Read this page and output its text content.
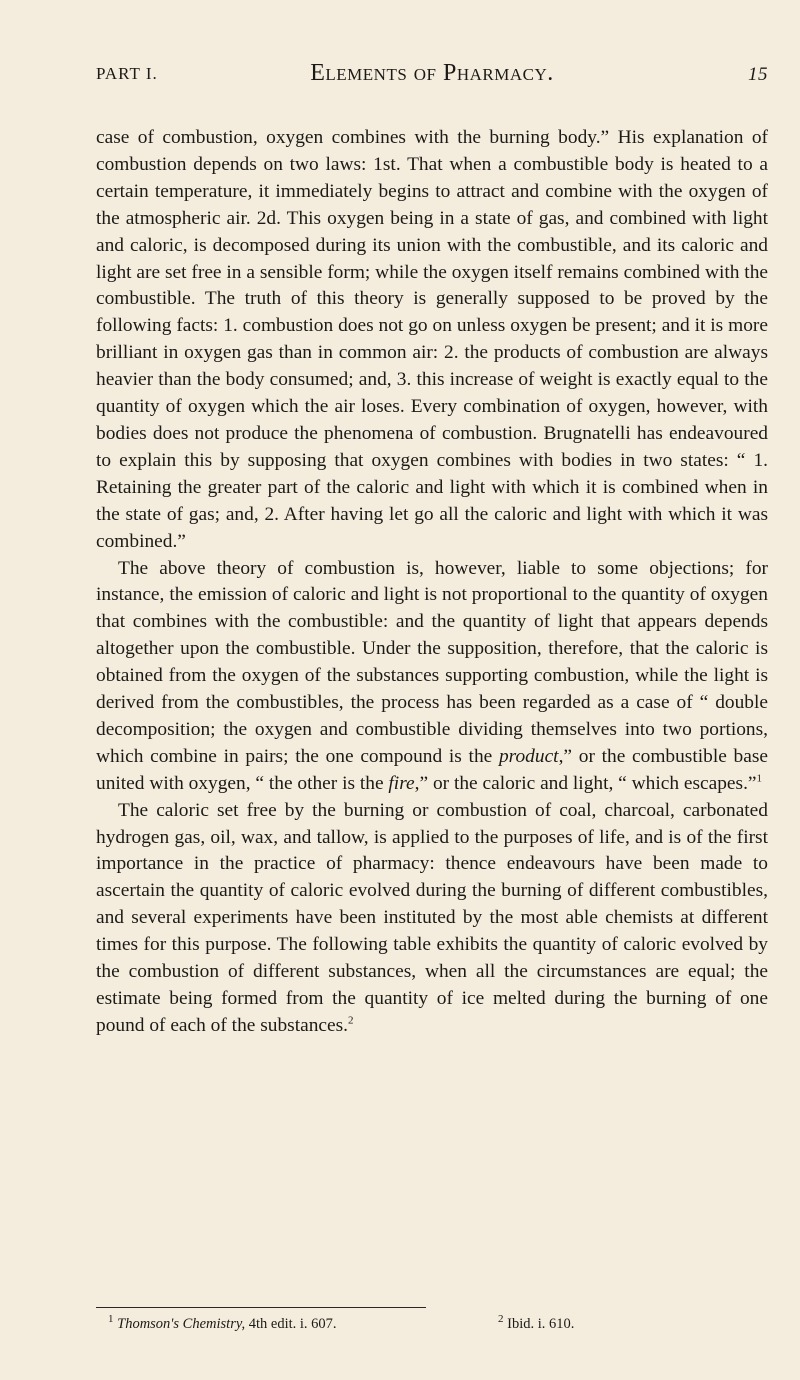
PART I.	Elements of Pharmacy.	15

case of combustion, oxygen combines with the burning body.” His explanation of combustion depends on two laws: 1st. That when a combustible body is heated to a certain temperature, it immediately begins to attract and combine with the oxygen of the atmospheric air. 2d. This oxygen being in a state of gas, and combined with light and caloric, is decomposed during its union with the combustible, and its caloric and light are set free in a sensible form; while the oxygen itself remains combined with the combustible. The truth of this theory is generally supposed to be proved by the following facts: 1. combustion does not go on unless oxygen be present; and it is more brilliant in oxygen gas than in common air: 2. the products of combustion are always heavier than the body consumed; and, 3. this increase of weight is exactly equal to the quantity of oxygen which the air loses. Every combination of oxygen, however, with bodies does not produce the phenomena of combustion. Brugnatelli has endeavoured to explain this by supposing that oxygen combines with bodies in two states: “ 1. Retaining the greater part of the caloric and light with which it is combined when in the state of gas; and, 2. After having let go all the caloric and light with which it was combined.”

The above theory of combustion is, however, liable to some objections; for instance, the emission of caloric and light is not proportional to the quantity of oxygen that combines with the combustible: and the quantity of light that appears depends altogether upon the combustible. Under the supposition, therefore, that the caloric is obtained from the oxygen of the substances supporting combustion, while the light is derived from the combustibles, the process has been regarded as a case of “ double decomposition; the oxygen and combustible dividing themselves into two portions, which combine in pairs; the one compound is the product,” or the combustible base united with oxygen, “ the other is the fire,” or the caloric and light, “ which escapes.”$^1$

The caloric set free by the burning or combustion of coal, charcoal, carbonated hydrogen gas, oil, wax, and tallow, is applied to the purposes of life, and is of the first importance in the practice of pharmacy: thence endeavours have been made to ascertain the quantity of caloric evolved during the burning of different combustibles, and several experiments have been instituted by the most able chemists at different times for this purpose. The following table exhibits the quantity of caloric evolved by the combustion of different substances, when all the circumstances are equal; the estimate being formed from the quantity of ice melted during the burning of one pound of each of the substances.$^2$

$^1$ Thomson's Chemistry, 4th edit. i. 607.	$^2$ Ibid. i. 610.
